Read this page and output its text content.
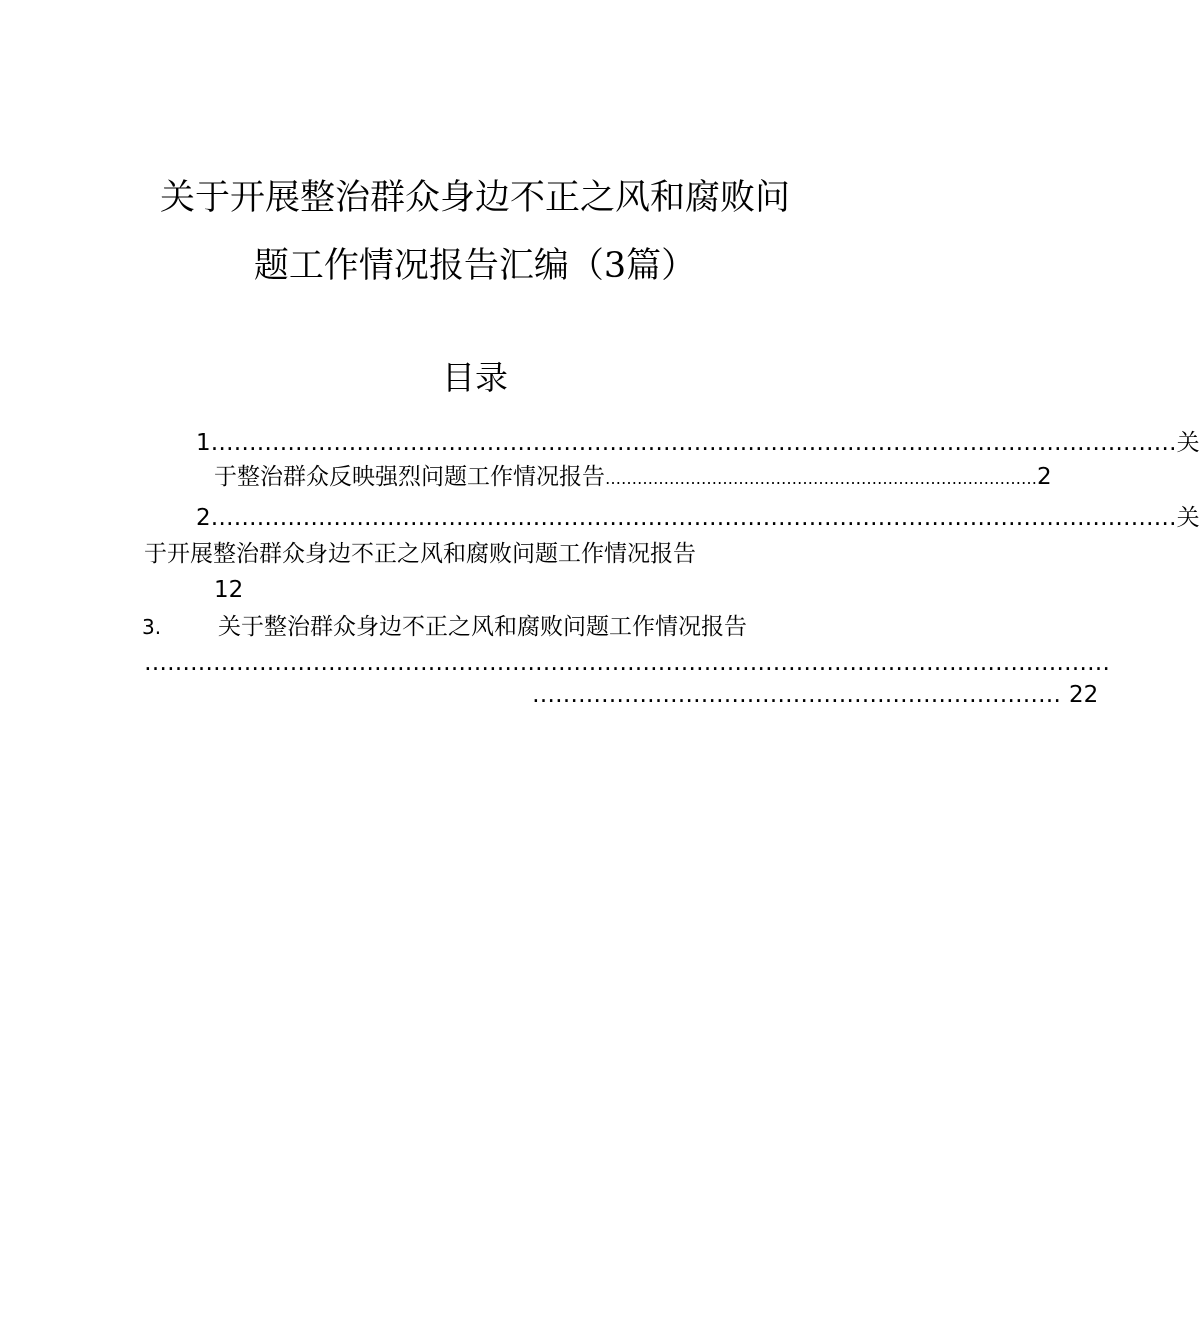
关于开展整治群众身边不正之风和腐败问
题工作情况报告汇编（3篇）
目录
1 ……………………………………………………………………………………………………………… 关
于整治群众反映强烈问题工作情况报告 ……………………………………………………………………… 2
2 ……………………………………………………………………………………………………………… 关
于开展整治群众身边不正之风和腐败问题工作情况报告
12
3.	关于整治群众身边不正之风和腐败问题工作情况报告
………………………………………………………………………………………………………………
…………………………………………………………… 22
